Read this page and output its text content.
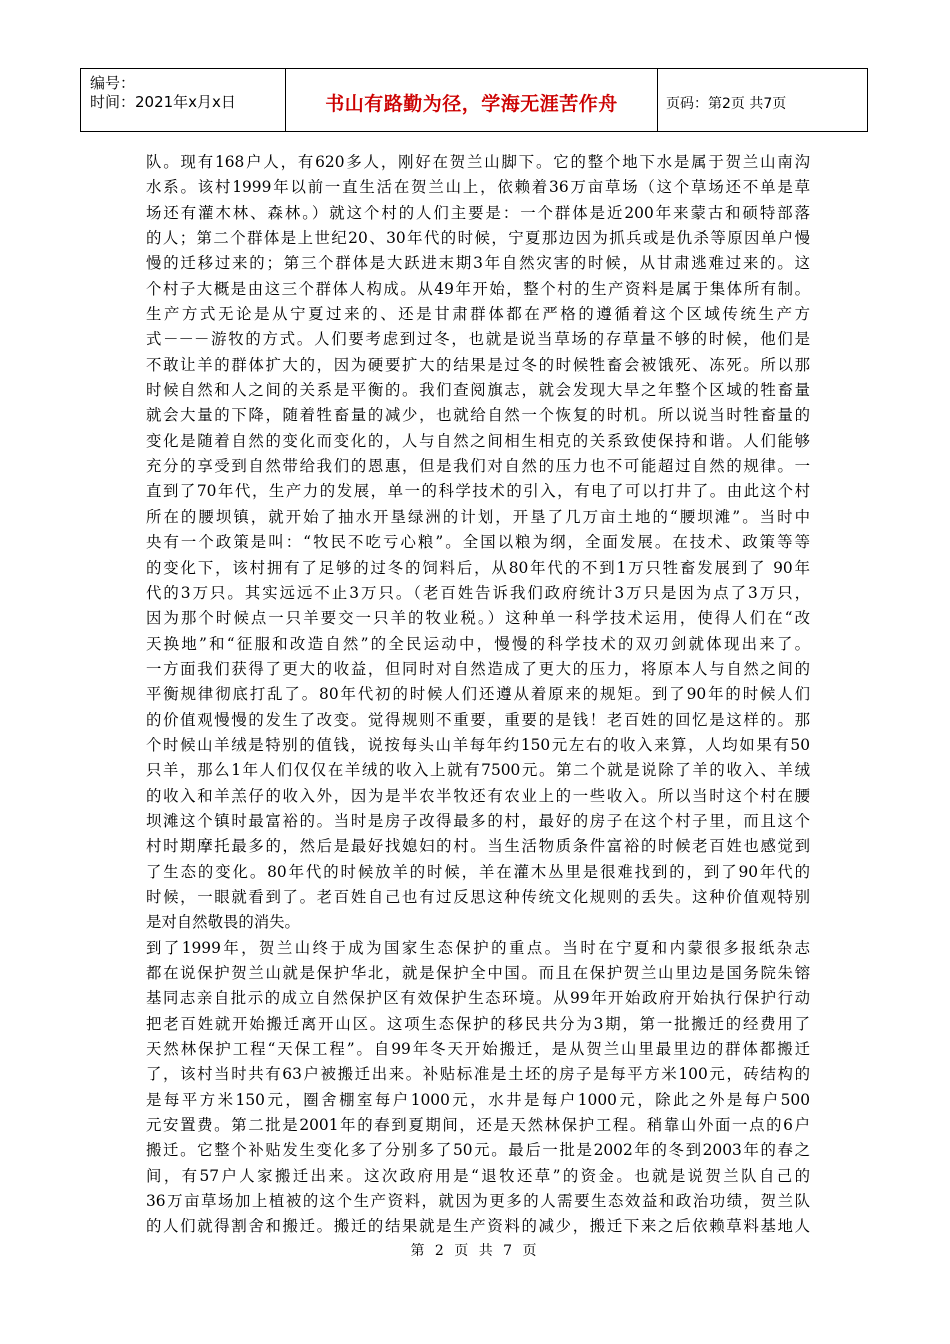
编号：
时间：2021年x月x日	书山有路勤为径，学海无涯苦作舟	页码：第2页 共7页
队。现有168户人，有620多人，刚好在贺兰山脚下。它的整个地下水是属于贺兰山南沟
水系。该村1999年以前一直生活在贺兰山上，依赖着36万亩草场（这个草场还不单是草
场还有灌木林、森林。）就这个村的人们主要是：一个群体是近200年来蒙古和硕特部落
的人；第二个群体是上世纪20、30年代的时候，宁夏那边因为抓兵或是仇杀等原因单户慢
慢的迁移过来的；第三个群体是大跃进末期3年自然灾害的时候，从甘肃逃难过来的。这
个村子大概是由这三个群体人构成。从49年开始，整个村的生产资料是属于集体所有制。
生产方式无论是从宁夏过来的、还是甘肃群体都在严格的遵循着这个区域传统生产方
式－－－游牧的方式。人们要考虑到过冬，也就是说当草场的存草量不够的时候，他们是
不敢让羊的群体扩大的，因为硬要扩大的结果是过冬的时候牲畜会被饿死、冻死。所以那
时候自然和人之间的关系是平衡的。我们查阅旗志，就会发现大旱之年整个区域的牲畜量
就会大量的下降，随着牲畜量的减少，也就给自然一个恢复的时机。所以说当时牲畜量的
变化是随着自然的变化而变化的，人与自然之间相生相克的关系致使保持和谐。人们能够
充分的享受到自然带给我们的恩惠，但是我们对自然的压力也不可能超过自然的规律。一
直到了70年代，生产力的发展，单一的科学技术的引入，有电了可以打井了。由此这个村
所在的腰坝镇，就开始了抽水开垦绿洲的计划，开垦了几万亩土地的“腰坝滩”。当时中
央有一个政策是叫：“牧民不吃亏心粮”。全国以粮为纲，全面发展。在技术、政策等等
的变化下，该村拥有了足够的过冬的饲料后，从80年代的不到1万只牲畜发展到了 90年
代的3万只。其实远远不止3万只。（老百姓告诉我们政府统计3万只是因为点了3万只，
因为那个时候点一只羊要交一只羊的牧业税。）这种单一科学技术运用，使得人们在“改
天换地”和“征服和改造自然”的全民运动中，慢慢的科学技术的双刃剑就体现出来了。
一方面我们获得了更大的收益，但同时对自然造成了更大的压力，将原本人与自然之间的
平衡规律彻底打乱了。80年代初的时候人们还遵从着原来的规矩。到了90年的时候人们
的价值观慢慢的发生了改变。觉得规则不重要，重要的是钱！老百姓的回忆是这样的。那
个时候山羊绒是特别的值钱，说按每头山羊每年约150元左右的收入来算，人均如果有50
只羊，那么1年人们仅仅在羊绒的收入上就有7500元。第二个就是说除了羊的收入、羊绒
的收入和羊羔仔的收入外，因为是半农半牧还有农业上的一些收入。所以当时这个村在腰
坝滩这个镇时最富裕的。当时是房子改得最多的村，最好的房子在这个村子里，而且这个
村时期摩托最多的，然后是最好找媳妇的村。当生活物质条件富裕的时候老百姓也感觉到
了生态的变化。80年代的时候放羊的时候，羊在灌木丛里是很难找到的，到了90年代的
时候，一眼就看到了。老百姓自己也有过反思这种传统文化规则的丢失。这种价值观特别
是对自然敬畏的消失。
到了1999年，贺兰山终于成为国家生态保护的重点。当时在宁夏和内蒙很多报纸杂志
都在说保护贺兰山就是保护华北，就是保护全中国。而且在保护贺兰山里边是国务院朱镕
基同志亲自批示的成立自然保护区有效保护生态环境。从99年开始政府开始执行保护行动
把老百姓就开始搬迁离开山区。这项生态保护的移民共分为3期，第一批搬迁的经费用了
天然林保护工程“天保工程”。自99年冬天开始搬迁，是从贺兰山里最里边的群体都搬迁
了，该村当时共有63户被搬迁出来。补贴标准是土坯的房子是每平方米100元，砖结构的
是每平方米150元，圈舍棚室每户1000元，水井是每户1000元，除此之外是每户500
元安置费。第二批是2001年的春到夏期间，还是天然林保护工程。稍靠山外面一点的6户
搬迁。它整个补贴发生变化多了分别多了50元。最后一批是2002年的冬到2003年的春之
间，有57户人家搬迁出来。这次政府用是“退牧还草”的资金。也就是说贺兰队自己的
36万亩草场加上植被的这个生产资料，就因为更多的人需要生态效益和政治功绩，贺兰队
的人们就得割舍和搬迁。搬迁的结果就是生产资料的减少，搬迁下来之后依赖草料基地人
第 2 页 共 7 页
